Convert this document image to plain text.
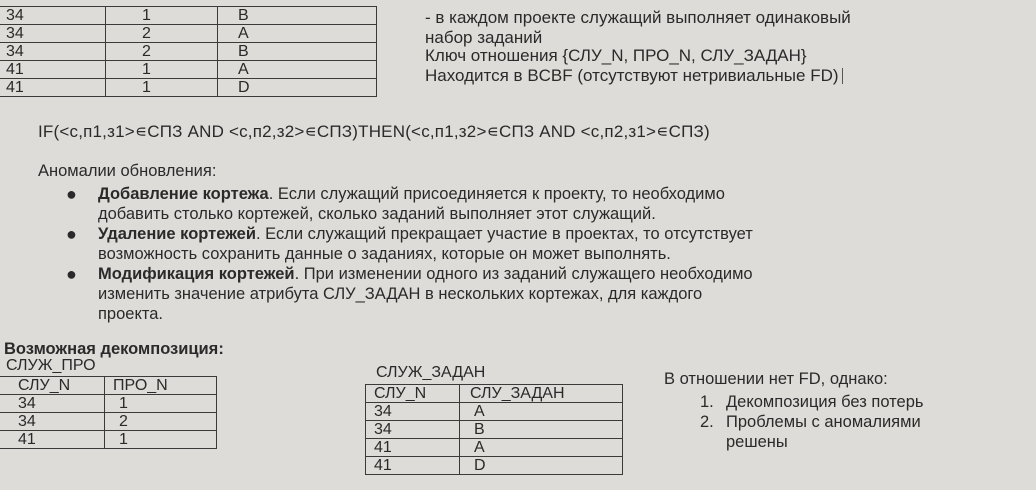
34	1	B
34	2	A
34	2	B
41	1	A
41	1	D
- в каждом проекте служащий выполняет одинаковый
набор заданий
Ключ отношения {СЛУ_N, ПРО_N, СЛУ_ЗАДАН}
Находится в BCBF (отсутствуют нетривиальные FD)
IF(<c,п1,з1>∊СПЗ AND <c,п2,з2>∊СПЗ)THEN(<c,п1,з2>∊СПЗ AND <c,п2,з1>∊СПЗ)
Аномалии обновления:
● Добавление кортежа. Если служащий присоединяется к проекту, то необходимо
добавить столько кортежей, сколько заданий выполняет этот служащий.
● Удаление кортежей. Если служащий прекращает участие в проектах, то отсутствует
возможность сохранить данные о заданиях, которые он может выполнять.
● Модификация кортежей. При изменении одного из заданий служащего необходимо
изменить значение атрибута СЛУ_ЗАДАН в нескольких кортежах, для каждого
проекта.
Возможная декомпозиция:
СЛУЖ_ПРО
СЛУ_N	ПРО_N
34	1
34	2
41	1
СЛУЖ_ЗАДАН
СЛУ_N	СЛУ_ЗАДАН
34	A
34	B
41	A
41	D
В отношении нет FD, однако:
1. Декомпозиция без потерь
2. Проблемы с аномалиями
решены
